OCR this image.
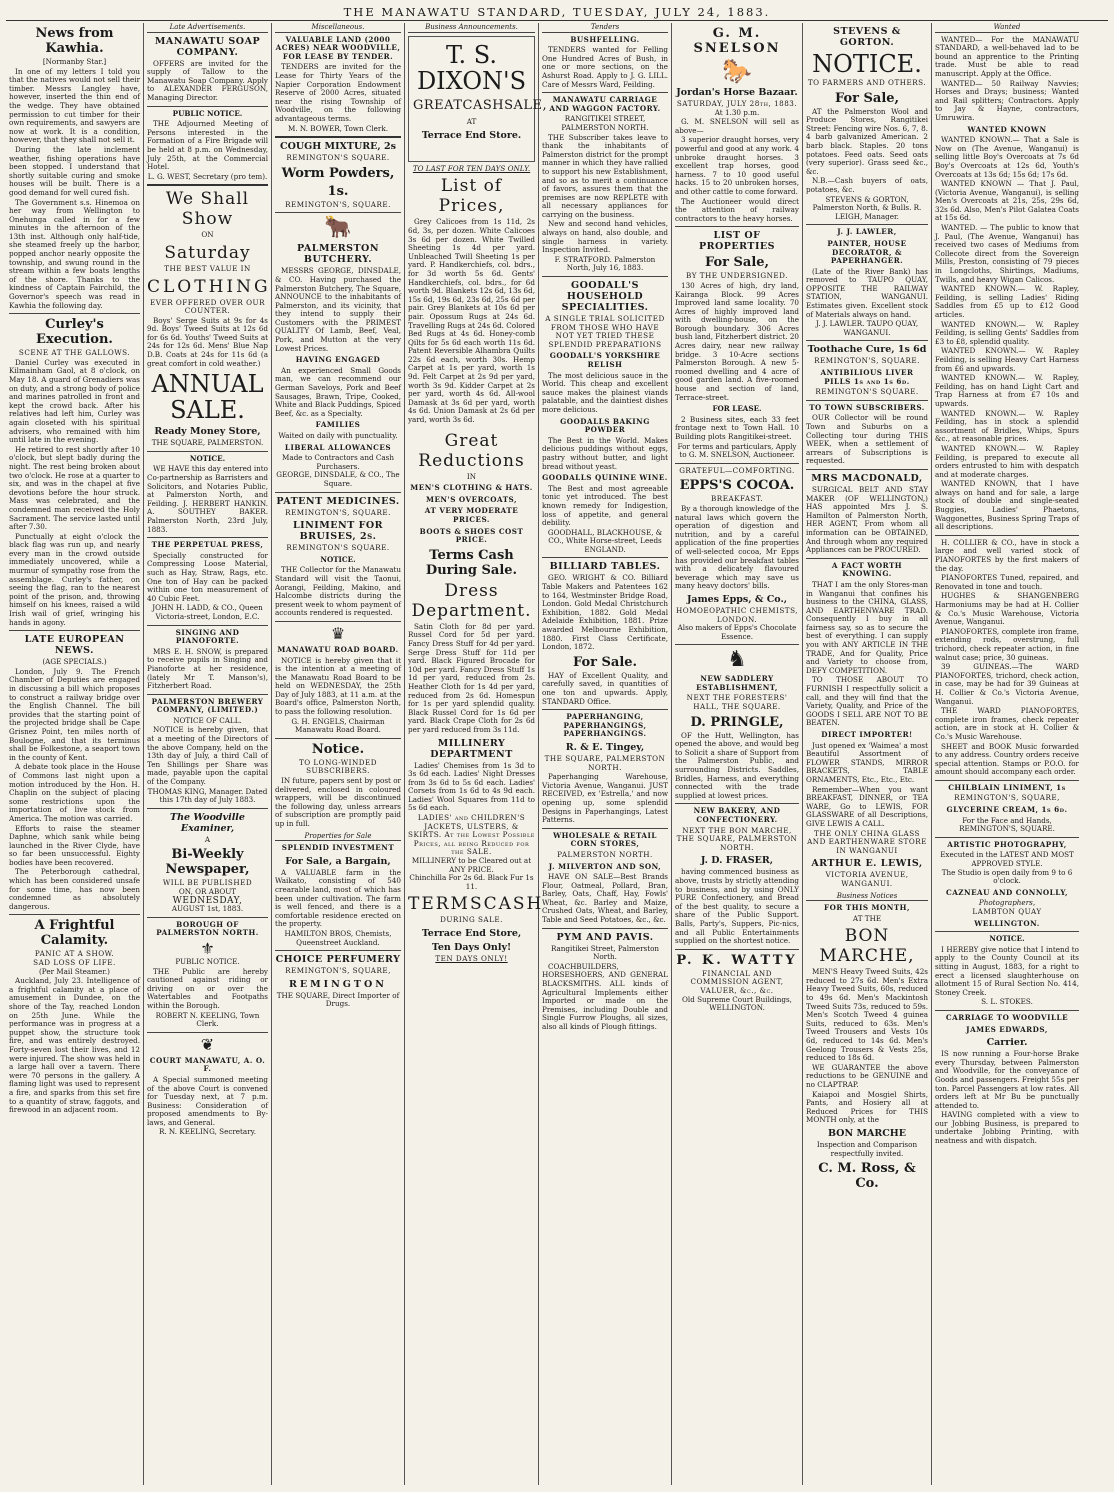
THE MANAWATU STANDARD, TUESDAY, JULY 24, 1883.
News from Kawhia.
[Normanby Star.]
In one of my letters I told you that the natives would not sell their timber. Messrs Langley have, however, inserted the thin end of the wedge. They have obtained permission to cut timber for their own requirements, and sawyers are now at work. It is a condition, however, that they shall not sell it.
During the late inclement weather, fishing operations have been stopped. I understand that shortly suitable curing and smoke houses will be built. There is a good demand for well cured fish.
The Government s.s. Hinemoa on her way from Wellington to Onehunga called in for a few minutes in the afternoon of the 13th inst. Although only half-tide, she steamed freely up the harbor, popped anchor nearly opposite the township, and swung round in the stream within a few boats lengths of the shore. Thanks to the kindness of Captain Fairchild, the Governor's speech was read in Kawhia the following day.
Curley's Execution.
SCENE AT THE GALLOWS.
Daniel Curley was executed in Kilmainham Gaol, at 8 o'clock, on May 18. A guard of Grenadiers was on duty, and a strong body of police and marines patrolled in front and kept the crowd back. After his relatives had left him, Curley was again closeted with his spiritual advisers, who remained with him until late in the evening.
He retired to rest shortly after 10 o'clock, but slept badly during the night. The rest being broken about two o'clock. He rose at a quarter to six, and was in the chapel at five devotions before the hour struck. Mass was celebrated, and the condemned man received the Holy Sacrament. The service lasted until after 7.30.
Punctually at eight o'clock the black flag was run up, and nearly every man in the crowd outside immediately uncovered, while a murmur of sympathy rose from the assemblage. Curley's father, on seeing the flag, ran to the nearest point of the prison, and, throwing himself on his knees, raised a wild Irish wail of grief, wringing his hands in agony.
LATE EUROPEAN NEWS.
(AGE SPECIALS.)
London, July 9. The French Chamber of Deputies are engaged in discussing a bill which proposes to construct a railway bridge over the English Channel. The bill provides that the starting point of the projected bridge shall be Cape Grisnez Point, ten miles north of Boulogne, and that its terminus shall be Folkestone, a seaport town in the county of Kent.
A debate took place in the House of Commons last night upon a motion introduced by the Hon. H. Chaplin on the subject of placing some restrictions upon the importation of live stock from America. The motion was carried.
Efforts to raise the steamer Daphne, which sank while being launched in the River Clyde, have so far been unsuccessful. Eighty bodies have been recovered.
The Peterborough cathedral, which has been considered unsafe for some time, has now been condemned as absolutely dangerous.
A Frightful Calamity.
PANIC AT A SHOW.
SAD LOSS OF LIFE.
(Per Mail Steamer.)
Auckland, July 23. Intelligence of a frightful calamity at a place of amusement in Dundee, on the shore of the Tay, reached London on 25th June. While the performance was in progress at a puppet show, the structure took fire, and was entirely destroyed. Forty-seven lost their lives, and 12 were injured. The show was held in a large hall over a tavern. There were 70 persons in the gallery. A flaming light was used to represent a fire, and sparks from this set fire to a quantity of straw, faggots, and firewood in an adjacent room.
Late Advertisements.
MANAWATU SOAP COMPANY.
OFFERS are invited for the supply of Tallow to the Manawatu Soap Company. Apply to ALEXANDER FERGUSON, Managing Director.
PUBLIC NOTICE.
THE Adjourned Meeting of Persons interested in the Formation of a Fire Brigade will be held at 8 p.m. on Wednesday, July 25th, at the Commercial Hotel.
L. G. WEST, Secretary (pro tem).
We Shall Show
ON
Saturday
THE BEST VALUE IN
CLOTHING
EVER OFFERED OVER OUR COUNTER.
Boys' Serge Suits at 9s for 4s 9d. Boys' Tweed Suits at 12s 6d for 6s 6d. Youths' Tweed Suits at 24s for 12s 6d. Mens' Blue Nap D.B. Coats at 24s for 11s 6d (a great comfort in cold weather.)
ANNUAL SALE.
Ready Money Store,
THE SQUARE, PALMERSTON.
NOTICE.
WE HAVE this day entered into Co-partnership as Barristers and Solicitors, and Notaries Public, at Palmerston North, and Feilding. J. HERBERT HANKIN. A. SOUTHEY BAKER. Palmerston North, 23rd July, 1883.
THE PERPETUAL PRESS,
Specially constructed for Compressing Loose Material, such as Hay, Straw, Rags, etc. One ton of Hay can be packed within one ton measurement of 40 Cubic Feet.
JOHN H. LADD, & CO., Queen Victoria-street, London, E.C.
SINGING AND PIANOFORTE.
MRS E. H. SNOW, is prepared to receive pupils in Singing and Pianoforte at her residence, (lately Mr T. Manson's), Fitzherbert Road.
PALMERSTON BREWERY COMPANY, (LIMITED.)
NOTICE OF CALL.
NOTICE is hereby given, that at a meeting of the Directors of the above Company, held on the 13th day of July, a third Call of Ten Shillings per Share was made, payable upon the capital of the Company.
THOMAS KING, Manager. Dated this 17th day of July 1883.
The Woodville Examiner,
A
Bi-Weekly Newspaper,
WILL BE PUBLISHED
ON, OR ABOUT
WEDNESDAY,
AUGUST 1st, 1883.
BOROUGH OF PALMERSTON NORTH.
⚜
PUBLIC NOTICE.
THE Public are hereby cautioned against riding or driving on or over the Watertables and Footpaths within the Borough.
ROBERT N. KEELING, Town Clerk.
❦
COURT MANAWATU, A. O. F.
A Special summoned meeting of the above Court is convened for Tuesday next, at 7 p.m. Business: Consideration of proposed amendments to By-laws, and General.
R. N. KEELING, Secretary.
Miscellaneous.
VALUABLE LAND (2000 ACRES) NEAR WOODVILLE, FOR LEASE BY TENDER.
TENDERS are invited for the Lease for Thirty Years of the Napier Corporation Endowment Reserve of 2000 Acres, situated near the rising Township of Woodville, on the following advantageous terms.
M. N. BOWER, Town Clerk.
COUGH MIXTURE, 2s
REMINGTON'S SQUARE.
Worm Powders,
1s.
REMINGTON'S, SQUARE.
🐂
PALMERSTON BUTCHERY.
MESSRS GEORGE, DINSDALE, & CO. Having purchased the Palmerston Butchery, The Square, ANNOUNCE to the inhabitants of Palmerston, and its vicinity, that they intend to supply their Customers with the PRIMEST QUALITY Of Lamb, Beef, Veal, Pork, and Mutton at the very Lowest Prices.
HAVING ENGAGED
An experienced Small Goods man, we can recommend our German Saveloys, Pork and Beef Sausages, Brawn, Tripe, Cooked, White and Black Puddings, Spiced Beef, &c. as a Specialty.
FAMILIES
Waited on daily with punctuality.
LIBERAL ALLOWANCES
Made to Contractors and Cash Purchasers.
GEORGE, DINSDALE, & CO., The Square.
PATENT MEDICINES.
REMINGTON'S, SQUARE.
LINIMENT FOR BRUISES, 2s.
REMINGTON'S SQUARE.
NOTICE.
THE Collector for the Manawatu Standard will visit the Taonui, Aorangi, Feilding, Makino, and Halcombe districts during the present week to whom payment of accounts rendered is requested.
♛
MANAWATU ROAD BOARD.
NOTICE is hereby given that it is the intention at a meeting of the Manawatu Road Board to be held on WEDNESDAY, the 25th Day of July 1883, at 11 a.m. at the Board's office, Palmerston North, to pass the following resolution.
G. H. ENGELS, Chairman Manawatu Road Board.
Notice.
TO LONG-WINDED SUBSCRIBERS.
IN future, papers sent by post or delivered, enclosed in coloured wrappers, will be discontinued the following day, unless arrears of subscription are promptly paid up in full.
Properties for Sale
SPLENDID INVESTMENT
For Sale, a Bargain,
A VALUABLE farm in the Waikato, consisting of 540 crearable land, most of which has been under cultivation. The farm is well fenced, and there is a comfortable residence erected on the property.
HAMILTON BROS, Chemists, Queenstreet Auckland.
CHOICE PERFUMERY
REMINGTON'S, SQUARE,
REMINGTON
THE SQUARE, Direct Importer of Drugs.
Business Announcements.
T. S. DIXON'S
GREAT CASH SALE,
AT
Terrace End Store.
TO LAST FOR TEN DAYS ONLY.
List of Prices,
Grey Calicoes from 1s 11d, 2s 6d, 3s, per dozen. White Calicoes 3s 6d per dozen. White Twilled Sheeting 1s 4d per yard. Unbleached Twill Sheeting 1s per yard. P. Handkerchiefs, col. bdrs., for 3d worth 5s 6d. Gents' Handkerchiefs, col. bdrs., for 6d worth 9d. Blankets 12s 6d, 13s 6d, 15s 6d, 19s 6d, 23s 6d, 25s 6d per pair. Grey Blankets at 10s 6d per pair. Opossum Rugs at 24s 6d. Travelling Rugs at 24s 6d. Colored Bed Rugs at 4s 6d. Honey-comb Qilts for 5s 6d each worth 11s 6d. Patent Reversible Alhambra Quilts 22s 6d each, worth 30s. Hemp Carpet at 1s per yard, worth 1s 9d. Felt Carpet at 2s 9d per yard, worth 3s 9d. Kidder Carpet at 2s per yard, worth 4s 6d. All-wool Damask at 3s 6d per yard, worth 4s 6d. Union Damask at 2s 6d per yard, worth 3s 6d.
Great Reductions
IN
MEN'S CLOTHING & HATS.
MEN'S OVERCOATS,
AT VERY MODERATE PRICES.
BOOTS & SHOES COST PRICE.
Terms Cash During Sale.
Dress Department.
Satin Cloth for 8d per yard. Russel Cord for 5d per yard. Fancy Dress Stuff for 4d per yard. Serge Dress Stuff for 11d per yard. Black Figured Brocade for 10d per yard. Fancy Dress Stuff 1s 1d per yard, reduced from 2s. Heather Cloth for 1s 4d per yard, reduced from 2s 6d. Homespun for 1s per yard splendid quality. Black Russel Cord for 1s 6d per yard. Black Crape Cloth for 2s 6d per yard reduced from 3s 11d.
MILLINERY DEPARTMENT
Ladies' Chemises from 1s 3d to 3s 6d each. Ladies' Night Dresses from 3s 6d to 5s 6d each. Ladies' Corsets from 1s 6d to 4s 9d each. Ladies' Wool Squares from 11d to 5s 6d each.
LADIES' and CHILDREN'S JACKETS, ULSTERS, & SKIRTS. At the Lowest Possible Prices, all being Reduced for the SALE.
MILLINERY to be Cleared out at ANY PRICE.
Chinchilla For 2s 6d. Black Fur 1s 11.
TERMSCASH
DURING SALE.
Terrace End Store,
Ten Days Only!
TEN DAYS ONLY!
Tenders
BUSHFELLING.
TENDERS wanted for Felling One Hundred Acres of Bush, in one or more sections, on the Ashurst Road. Apply to J. G. LILL. Care of Messrs Ward, Feilding.
MANAWATU CARRIAGE AND WAGGON FACTORY.
RANGITIKEI STREET, PALMERSTON NORTH.
THE Subscriber takes leave to thank the inhabitants of Palmerston district for the prompt manner in which they have rallied to support his new Establishment, and so as to merit a continuance of favors, assures them that the premises are now REPLETE with all necessary appliances for carrying on the business.
New and second hand vehicles, always on hand, also double, and single harness in variety. Inspection Invited.
F. STRATFORD. Palmerston North, July 16, 1883.
GOODALL'S HOUSEHOLD SPECIALITIES.
A SINGLE TRIAL SOLICITED FROM THOSE WHO HAVE NOT YET TRIED THESE SPLENDID PREPARATIONS
GOODALL'S YORKSHIRE RELISH
The most delicious sauce in the World. This cheap and excellent sauce makes the plainest viands palatable, and the daintiest dishes more delicious.
GOODALLS BAKING POWDER
The Best in the World. Makes delicious puddings without eggs, pastry without butter, and light bread without yeast.
GOODALLS QUININE WINE.
The Best and most agreeable tonic yet introduced. The best known remedy for Indigestion, loss of appetite, and general debility.
GOODHALL, BLACKHOUSE, & CO., White Horse-street, Leeds ENGLAND.
BILLIARD TABLES.
GEO. WRIGHT & CO. Billiard Table Makers and Patentees 162 to 164, Westminster Bridge Road, London. Gold Medal Christchurch Exhibition, 1882. Gold Medal Adelaide Exhibition, 1881. Prize awarded Melbourne Exhibition, 1880. First Class Certificate, London, 1872.
For Sale.
HAY of Excellent Quality, and carefully saved, in quantities of one ton and upwards. Apply, STANDARD Office.
PAPERHANGING, PAPERHANGINGS, PAPERHANGINGS.
R. & E. Tingey,
THE SQUARE, PALMERSTON NORTH.
Paperhanging Warehouse, Victoria Avenue, Wanganui. JUST RECEIVED, ex 'Estrella,' and now opening up, some splendid Designs in Paperhangings, Latest Patterns.
WHOLESALE & RETAIL CORN STORES,
PALMERSTON NORTH.
J. MILVERTON AND SON,
HAVE ON SALE—Best Brands Flour, Oatmeal, Pollard, Bran, Barley, Oats, Chaff, Hay, Fowls' Wheat, &c. Barley and Maize, Crushed Oats, Wheat, and Barley, Table and Seed Potatoes, &c., &c.
PYM AND PAVIS.
Rangitikei Street, Palmerston North.
COACHBUILDERS, HORSESHOERS, AND GENERAL BLACKSMITHS. ALL kinds of Agricultural Implements either Imported or made on the Premises, including Double and Single Furrow Ploughs, all sizes, also all kinds of Plough fittings.
G. M. SNELSON
🐎
Jordan's Horse Bazaar.
SATURDAY, JULY 28th, 1883.
At 1.30 p.m.
G. M. SNELSON will sell as above—
3 superior draught horses, very powerful and good at any work. 4 unbroke draught horses. 3 excellent trap horses, good harness. 7 to 10 good useful hacks. 15 to 20 unbroken horses, and other cattle to come forward.
The Auctioneer would direct the attention of railway contractors to the heavy horses.
LIST OF PROPERTIES
For Sale,
BY THE UNDERSIGNED.
130 Acres of high, dry land, Kairanga Block. 99 Acres Improved land same locality. 70 Acres of highly improved land with dwelling-house, on the Borough boundary. 306 Acres bush land, Fitzherbert district. 20 Acres dairy, near new railway bridge. 3 10-Acre sections Palmerston Borough. A new 5-roomed dwelling and 4 acre of good garden land. A five-roomed house and section of land, Terrace-street.
FOR LEASE.
2 Business sites, each 33 feet frontage next to Town Hall. 10 Building plots Rangitikei-street.
For terms and particulars, Apply to G. M. SNELSON, Auctioneer.
GRATEFUL—COMFORTING.
EPPS'S COCOA.
BREAKFAST.
By a thorough knowledge of the natural laws which govern the operation of digestion and nutrition, and by a careful application of the fine properties of well-selected cocoa, Mr Epps has provided our breakfast tables with a delicately flavoured beverage which may save us many heavy doctors' bills.
James Epps, & Co.,
HOMOEOPATHIC CHEMISTS, LONDON.
Also makers of Epps's Chocolate Essence.
♞
NEW SADDLERY ESTABLISHMENT,
NEXT THE FORESTERS' HALL, THE SQUARE.
D. PRINGLE,
OF the Hutt, Wellington, has opened the above, and would beg to Solicit a share of Support from the Palmerston Public, and surrounding Districts. Saddles, Bridles, Harness, and everything connected with the trade supplied at lowest prices.
NEW BAKERY, AND CONFECTIONERY.
NEXT THE BON MARCHE, THE SQUARE, PALMERSTON NORTH.
J. D. FRASER,
having commenced business as above, trusts by strictly attending to business, and by using ONLY PURE Confectionery, and Bread of the best quality, to secure a share of the Public Support. Balls, Party's, Suppers, Pic-nics, and all Public Entertainments supplied on the shortest notice.
P. K. WATTY
FINANCIAL AND COMMISSION AGENT, VALUER, &c., &c.
Old Supreme Court Buildings, WELLINGTON.
STEVENS & GORTON.
NOTICE.
TO FARMERS AND OTHERS.
For Sale,
AT the Palmerston Wool and Produce Stores, Rangitikei Street: Fencing wire Nos. 6, 7, 8. 4 barb galvanized American. 2 barb black. Staples. 20 tons potatoes. Feed oats. Seed oats (very superior). Grass seed &c., &c.
N.B.—Cash buyers of oats, potatoes, &c.
STEVENS & GORTON, Palmerston North, & Bulls. R. LEIGH, Manager.
J. J. LAWLER,
PAINTER, HOUSE DECORATOR, & PAPERHANGER.
(Late of the River Bank) has removed to TAUPO QUAY, OPPOSITE THE RAILWAY STATION, WANGANUI. Estimates given. Excellent stock of Materials always on hand.
J. J. LAWLER. TAUPO QUAY, WANGANUI.
Toothache Cure, 1s 6d
REMINGTON'S, SQUARE.
ANTIBILIOUS LIVER PILLS 1s and 1s 6d.
REMINGTON'S SQUARE.
TO TOWN SUBSCRIBERS.
OUR Collector will be round Town and Suburbs on a Collecting tour during THIS WEEK, when a settlement of arrears of Subscriptions is requested.
MRS MACDONALD,
SURGICAL BELT AND STAY MAKER (OF WELLINGTON,) HAS appointed Mrs J. S. Hamilton of Palmerston North, HER AGENT, From whom all information can be OBTAINED, And through whom any required Appliances can be PROCURED.
A FACT WORTH KNOWING.
THAT I am the only Stores-man in Wanganui that confines his business to the CHINA, GLASS, AND EARTHENWARE TRAD. Consequently I buy in all fairness say, so as to secure the best of everything. I can supply you with ANY ARTICLE IN THE TRADE, And for Quality, Price and Variety to choose from, DEFY COMPETITION.
TO THOSE ABOUT TO FURNISH I respectfully solicit a call, and they will find that the Variety, Quality, and Price of the GOODS I SELL ARE NOT TO BE BEATEN.
DIRECT IMPORTER!
Just opened ex 'Waimea' a most Beautiful Assortment of FLOWER STANDS, MIRROR BRACKETS, TABLE ORNAMENTS, Etc., Etc., Etc.
Remember—When you want BREAKFAST, DINNER, or TEA WARE, Go to LEWIS, FOR GLASSWARE of all Descriptions, GIVE LEWIS A CALL.
THE ONLY CHINA GLASS AND EARTHENWARE STORE IN WANGANUI
ARTHUR E. LEWIS,
VICTORIA AVENUE, WANGANUI.
Business Notices
FOR THIS MONTH,
AT THE
BON MARCHE,
MEN'S Heavy Tweed Suits, 42s reduced to 27s 6d. Men's Extra Heavy Tweed Suits, 60s, reduced to 49s 6d. Men's Mackintosh Tweed Suits 73s, reduced to 59s. Men's Scotch Tweed 4 guinea Suits, reduced to 63s. Men's Tweed Trousers and Vests 10s 6d, reduced to 14s 6d. Men's Geelong Trousers & Vests 25s, reduced to 18s 6d.
WE GUARANTEE the above reductions to be GENUINE and no CLAPTRAP.
Kaiapoi and Mosgiel Shirts, Pants, and Hosiery all at Reduced Prices for THIS MONTH only, at the
BON MARCHE
Inspection and Comparison respectfully invited.
C. M. Ross, & Co.
Wanted
WANTED— For the MANAWATU STANDARD, a well-behaved lad to be bound an apprentice to the Printing trade. Must be able to read manuscript. Apply at the Office.
WANTED— 50 Railway Navvies; Horses and Drays; business; Wanted and Rail splitters; Contractors. Apply to Jay & Hayne, contractors, Umruwira.
WANTED KNOWN
WANTED KNOWN.— That a Sale is Now on (The Avenue, Wanganui) is selling little Boy's Overcoats at 7s 6d Boy's Overcoats at 12s 6d, Youth's Overcoats at 13s 6d; 15s 6d; 17s 6d.
WANTED KNOWN — That J. Paul, (Victoria Avenue, Wanganui), is selling Men's Overcoats at 21s, 25s, 29s 6d, 32s 6d. Also, Men's Pilot Galatea Coats at 15s 6d.
WANTED. — The public to know that J. Paul, (The Avenue, Wanganui) has received two cases of Mediums from Collecote direct from the Sovereign Mills, Preston, consisting of 79 pieces in Longcloths, Shirtings, Madiums, Twills, and heavy Wigan Calicos.
WANTED KNOWN.— W. Rapley, Feilding, is selling Ladies' Riding Saddles from £5 up to £12 Good articles.
WANTED KNOWN.— W. Rapley Feilding, is selling Gents' Saddles from £3 to £8, splendid quality.
WANTED KNOWN.— W. Rapley Feilding, is selling Heavy Cart Harness from £6 and upwards.
WANTED KNOWN.— W. Rapley, Feilding, has on hand Light Cart and Trap Harness at from £7 10s and upwards.
WANTED KNOWN.— W. Rapley Feilding, has in stock a splendid assortment of Bridles, Whips, Spurs &c., at reasonable prices.
WANTED KNOWN.— W. Rapley Feilding, is prepared to execute all orders entrusted to him with despatch and at moderate charges.
WANTED KNOWN, that I have always on hand and for sale, a large stock of double and single-seated Buggies, Ladies' Phaetons, Waggonettes, Business Spring Traps of all descriptions.
H. COLLIER & CO., have in stock a large and well varied stock of PIANOFORTES by the first makers of the day.
PIANOFORTES Tuned, repaired, and Renovated in tone and touch.
HUGHES & SHANGENBERG Harmoniums may be had at H. Collier & Co.'s Music Warehouse, Victoria Avenue, Wanganui.
PIANOFORTES, complete iron frame, extending rods, overstrung, full trichord, check repeater action, in fine walnut case; price, 30 guineas.
39 GUINEAS.—The WARD PIANOFORTES, trichord, check action, in case, may be had for 39 Guineas at H. Collier & Co.'s Victoria Avenue, Wanganui.
THE WARD PIANOFORTES, complete iron frames, check repeater action, are in stock at H. Collier & Co.'s Music Warehouse.
SHEET and BOOK Music forwarded to any address. Country orders receive special attention. Stamps or P.O.O. for amount should accompany each order.
CHILBLAIN LINIMENT, 1s
REMINGTON'S, SQUARE,
GLYCERINE CREAM, 1s 6d.
For the Face and Hands, REMINGTON'S, SQUARE.
ARTISTIC PHOTOGRAPHY,
Executed in the LATEST AND MOST APPROVED STYLE.
The Studio is open daily from 9 to 6 o'clock.
CAZNEAU AND CONNOLLY,
Photographers,
LAMBTON QUAY
WELLINGTON.
NOTICE.
I HEREBY give notice that I intend to apply to the County Council at its sitting in August, 1883, for a right to erect a licensed slaughterhouse on allotment 15 of Rural Section No. 414, Stoney Creek.
S. L. STOKES.
CARRIAGE TO WOODVILLE
JAMES EDWARDS,
Carrier.
IS now running a Four-horse Brake every Thursday, between Palmerston and Woodville, for the conveyance of Goods and passengers. Freight 55s per ton. Parcel Passengers at low rates. All orders left at Mr Bu be punctually attended to.
HAVING completed with a view to our Jobbing Business, is prepared to undertake Jobbing Printing, with neatness and with dispatch.
